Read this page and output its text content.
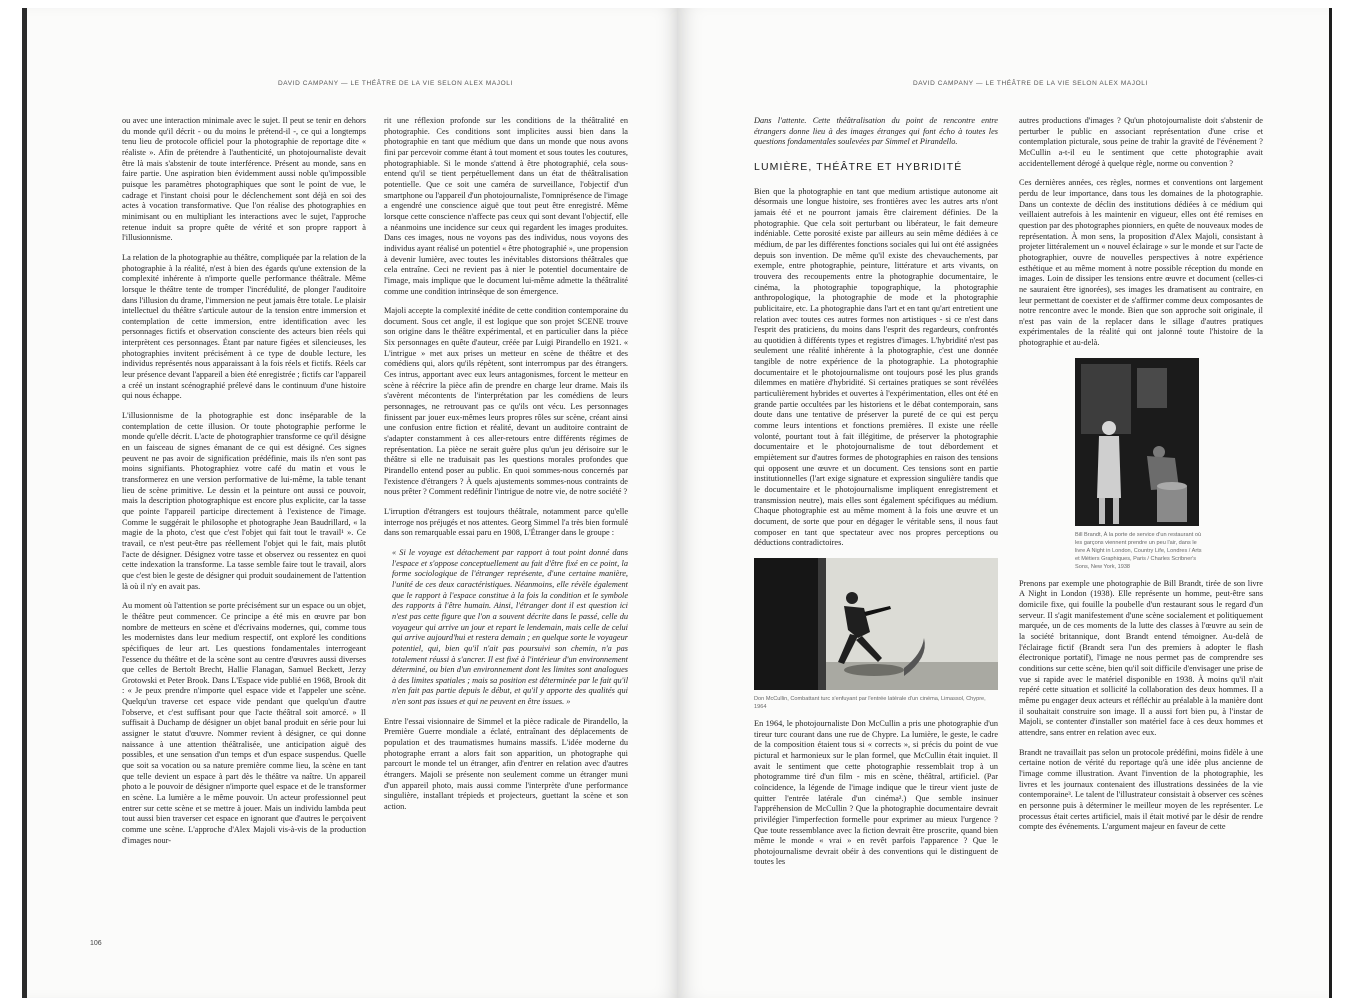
DAVID CAMPANY — LE THÉÂTRE DE LA VIE SELON ALEX MAJOLI

ou avec une interaction minimale avec le sujet. Il peut se tenir en dehors du monde qu'il décrit - ou du moins le prétend-il -, ce qui a longtemps tenu lieu de protocole officiel pour la photographie de reportage dite « réaliste ». Afin de prétendre à l'authenticité, un photojournaliste devait être là mais s'abstenir de toute interférence. Présent au monde, sans en faire partie. Une aspiration bien évidemment aussi noble qu'impossible puisque les paramètres photographiques que sont le point de vue, le cadrage et l'instant choisi pour le déclenchement sont déjà en soi des actes à vocation transformative. Que l'on réalise des photographies en minimisant ou en multipliant les interactions avec le sujet, l'approche retenue induit sa propre quête de vérité et son propre rapport à l'illusionnisme.

La relation de la photographie au théâtre, compliquée par la relation de la photographie à la réalité, n'est à bien des égards qu'une extension de la complexité inhérente à n'importe quelle performance théâtrale. Même lorsque le théâtre tente de tromper l'incrédulité, de plonger l'auditoire dans l'illusion du drame, l'immersion ne peut jamais être totale. Le plaisir intellectuel du théâtre s'articule autour de la tension entre immersion et contemplation de cette immersion, entre identification avec les personnages fictifs et observation consciente des acteurs bien réels qui interprètent ces personnages. Étant par nature figées et silencieuses, les photographies invitent précisément à ce type de double lecture, les individus représentés nous apparaissant à la fois réels et fictifs. Réels car leur présence devant l'appareil a bien été enregistrée ; fictifs car l'appareil a créé un instant scénographié prélevé dans le continuum d'une histoire qui nous échappe.

L'illusionnisme de la photographie est donc inséparable de la contemplation de cette illusion. Or toute photographie performe le monde qu'elle décrit. L'acte de photographier transforme ce qu'il désigne en un faisceau de signes émanant de ce qui est désigné. Ces signes peuvent ne pas avoir de signification prédéfinie, mais ils n'en sont pas moins signifiants. Photographiez votre café du matin et vous le transformerez en une version performative de lui-même, la table tenant lieu de scène primitive. Le dessin et la peinture ont aussi ce pouvoir, mais la description photographique est encore plus explicite, car la tasse que pointe l'appareil participe directement à l'existence de l'image. Comme le suggérait le philosophe et photographe Jean Baudrillard, « la magie de la photo, c'est que c'est l'objet qui fait tout le travail¹ ». Ce travail, ce n'est peut-être pas réellement l'objet qui le fait, mais plutôt l'acte de désigner. Désignez votre tasse et observez ou ressentez en quoi cette indexation la transforme. La tasse semble faire tout le travail, alors que c'est bien le geste de désigner qui produit soudainement de l'attention là où il n'y en avait pas.

Au moment où l'attention se porte précisément sur un espace ou un objet, le théâtre peut commencer. Ce principe a été mis en œuvre par bon nombre de metteurs en scène et d'écrivains modernes, qui, comme tous les modernistes dans leur medium respectif, ont exploré les conditions spécifiques de leur art. Les questions fondamentales interrogeant l'essence du théâtre et de la scène sont au centre d'œuvres aussi diverses que celles de Bertolt Brecht, Hallie Flanagan, Samuel Beckett, Jerzy Grotowski et Peter Brook. Dans L'Espace vide publié en 1968, Brook dit : « Je peux prendre n'importe quel espace vide et l'appeler une scène. Quelqu'un traverse cet espace vide pendant que quelqu'un d'autre l'observe, et c'est suffisant pour que l'acte théâtral soit amorcé. » Il suffisait à Duchamp de désigner un objet banal produit en série pour lui assigner le statut d'œuvre. Nommer revient à désigner, ce qui donne naissance à une attention théâtralisée, une anticipation aiguë des possibles, et une sensation d'un temps et d'un espace suspendus. Quelle que soit sa vocation ou sa nature première comme lieu, la scène en tant que telle devient un espace à part dès le théâtre va naître. Un appareil photo a le pouvoir de désigner n'importe quel espace et de le transformer en scène. La lumière a le même pouvoir. Un acteur professionnel peut entrer sur cette scène et se mettre à jouer. Mais un individu lambda peut tout aussi bien traverser cet espace en ignorant que d'autres le perçoivent comme une scène. L'approche d'Alex Majoli vis-à-vis de la production d'images nour-

rit une réflexion profonde sur les conditions de la théâtralité en photographie. Ces conditions sont implicites aussi bien dans la photographie en tant que médium que dans un monde que nous avons fini par percevoir comme étant à tout moment et sous toutes les coutures, photographiable. Si le monde s'attend à être photographié, cela sous-entend qu'il se tient perpétuellement dans un état de théâtralisation potentielle. Que ce soit une caméra de surveillance, l'objectif d'un smartphone ou l'appareil d'un photojournaliste, l'omniprésence de l'image a engendré une conscience aiguë que tout peut être enregistré. Même lorsque cette conscience n'affecte pas ceux qui sont devant l'objectif, elle a néanmoins une incidence sur ceux qui regardent les images produites. Dans ces images, nous ne voyons pas des individus, nous voyons des individus ayant réalisé un potentiel « être photographié », une propension à devenir lumière, avec toutes les inévitables distorsions théâtrales que cela entraîne. Ceci ne revient pas à nier le potentiel documentaire de l'image, mais implique que le document lui-même admette la théâtralité comme une condition intrinsèque de son émergence.

Majoli accepte la complexité inédite de cette condition contemporaine du document. Sous cet angle, il est logique que son projet SCENE trouve son origine dans le théâtre expérimental, et en particulier dans la pièce Six personnages en quête d'auteur, créée par Luigi Pirandello en 1921. « L'intrigue » met aux prises un metteur en scène de théâtre et des comédiens qui, alors qu'ils répètent, sont interrompus par des étrangers. Ces intrus, apportant avec eux leurs antagonismes, forcent le metteur en scène à réécrire la pièce afin de prendre en charge leur drame. Mais ils s'avèrent mécontents de l'interprétation par les comédiens de leurs personnages, ne retrouvant pas ce qu'ils ont vécu. Les personnages finissent par jouer eux-mêmes leurs propres rôles sur scène, créant ainsi une confusion entre fiction et réalité, devant un auditoire contraint de s'adapter constamment à ces aller-retours entre différents régimes de représentation. La pièce ne serait guère plus qu'un jeu dérisoire sur le théâtre si elle ne traduisait pas les questions morales profondes que Pirandello entend poser au public. En quoi sommes-nous concernés par l'existence d'étrangers ? À quels ajustements sommes-nous contraints de nous prêter ? Comment redéfinir l'intrigue de notre vie, de notre société ?

L'irruption d'étrangers est toujours théâtrale, notamment parce qu'elle interroge nos préjugés et nos attentes. Georg Simmel l'a très bien formulé dans son remarquable essai paru en 1908, L'Étranger dans le groupe :

« Si le voyage est détachement par rapport à tout point donné dans l'espace et s'oppose conceptuellement au fait d'être fixé en ce point, la forme sociologique de l'étranger représente, d'une certaine manière, l'unité de ces deux caractéristiques. Néanmoins, elle révèle également que le rapport à l'espace constitue à la fois la condition et le symbole des rapports à l'être humain. Ainsi, l'étranger dont il est question ici n'est pas cette figure que l'on a souvent décrite dans le passé, celle du voyageur qui arrive un jour et repart le lendemain, mais celle de celui qui arrive aujourd'hui et restera demain ; en quelque sorte le voyageur potentiel, qui, bien qu'il n'ait pas poursuivi son chemin, n'a pas totalement réussi à s'ancrer. Il est fixé à l'intérieur d'un environnement déterminé, ou bien d'un environnement dont les limites sont analogues à des limites spatiales ; mais sa position est déterminée par le fait qu'il n'en fait pas partie depuis le début, et qu'il y apporte des qualités qui n'en sont pas issues et qui ne peuvent en être issues. »

Entre l'essai visionnaire de Simmel et la pièce radicale de Pirandello, la Première Guerre mondiale a éclaté, entraînant des déplacements de population et des traumatismes humains massifs. L'idée moderne du photographe errant a alors fait son apparition, un photographe qui parcourt le monde tel un étranger, afin d'entrer en relation avec d'autres étrangers. Majoli se présente non seulement comme un étranger muni d'un appareil photo, mais aussi comme l'interprète d'une performance singulière, installant trépieds et projecteurs, guettant la scène et son action.

106
DAVID CAMPANY — LE THÉÂTRE DE LA VIE SELON ALEX MAJOLI

Dans l'attente. Cette théâtralisation du point de rencontre entre étrangers donne lieu à des images étranges qui font écho à toutes les questions fondamentales soulevées par Simmel et Pirandello.

LUMIÈRE, THÉÂTRE ET HYBRIDITÉ

Bien que la photographie en tant que medium artistique autonome ait désormais une longue histoire, ses frontières avec les autres arts n'ont jamais été et ne pourront jamais être clairement définies. De la photographie. Que cela soit perturbant ou libérateur, le fait demeure indéniable. Cette porosité existe par ailleurs au sein même dédiées à ce médium, de par les différentes fonctions sociales qui lui ont été assignées depuis son invention. De même qu'il existe des chevauchements, par exemple, entre photographie, peinture, littérature et arts vivants, on trouvera des recoupements entre la photographie documentaire, le cinéma, la photographie topographique, la photographie anthropologique, la photographie de mode et la photographie publicitaire, etc. La photographie dans l'art et en tant qu'art entretient une relation avec toutes ces autres formes non artistiques - si ce n'est dans l'esprit des praticiens, du moins dans l'esprit des regardeurs, confrontés au quotidien à différents types et registres d'images. L'hybridité n'est pas seulement une réalité inhérente à la photographie, c'est une donnée tangible de notre expérience de la photographie. La photographie documentaire et le photojournalisme ont toujours posé les plus grands dilemmes en matière d'hybridité. Si certaines pratiques se sont révélées particulièrement hybrides et ouvertes à l'expérimentation, elles ont été en grande partie occultées par les historiens et le débat contemporain, sans doute dans une tentative de préserver la pureté de ce qui est perçu comme leurs intentions et fonctions premières. Il existe une réelle volonté, pourtant tout à fait illégitime, de préserver la photographie documentaire et le photojournalisme de tout débordement et empiètement sur d'autres formes de photographies en raison des tensions qui opposent une œuvre et un document. Ces tensions sont en partie institutionnelles (l'art exige signature et expression singulière tandis que le documentaire et le photojournalisme impliquent enregistrement et transmission neutre), mais elles sont également spécifiques au médium. Chaque photographie est au même moment à la fois une œuvre et un document, de sorte que pour en dégager le véritable sens, il nous faut composer en tant que spectateur avec nos propres perceptions ou déductions contradictoires.

Don McCullin, Combattant turc s'enfuyant par l'entrée latérale d'un cinéma, Limassol, Chypre, 1964

En 1964, le photojournaliste Don McCullin a pris une photographie d'un tireur turc courant dans une rue de Chypre. La lumière, le geste, le cadre de la composition étaient tous si « corrects », si précis du point de vue pictural et harmonieux sur le plan formel, que McCullin était inquiet. Il avait le sentiment que cette photographie ressemblait trop à un photogramme tiré d'un film - mis en scène, théâtral, artificiel. (Par coïncidence, la légende de l'image indique que le tireur vient juste de quitter l'entrée latérale d'un cinéma².) Que semble insinuer l'appréhension de McCullin ? Que la photographie documentaire devrait privilégier l'imperfection formelle pour exprimer au mieux l'urgence ? Que toute ressemblance avec la fiction devrait être proscrite, quand bien même le monde « vrai » en revêt parfois l'apparence ? Que le photojournalisme devrait obéir à des conventions qui le distinguent de toutes les

autres productions d'images ? Qu'un photojournaliste doit s'abstenir de perturber le public en associant représentation d'une crise et contemplation picturale, sous peine de trahir la gravité de l'événement ? McCullin a-t-il eu le sentiment que cette photographie avait accidentellement dérogé à quelque règle, norme ou convention ?

Ces dernières années, ces règles, normes et conventions ont largement perdu de leur importance, dans tous les domaines de la photographie. Dans un contexte de déclin des institutions dédiées à ce médium qui veillaient autrefois à les maintenir en vigueur, elles ont été remises en question par des photographes pionniers, en quête de nouveaux modes de représentation. À mon sens, la proposition d'Alex Majoli, consistant à projeter littéralement un « nouvel éclairage » sur le monde et sur l'acte de photographier, ouvre de nouvelles perspectives à notre expérience esthétique et au même moment à notre possible réception du monde en images. Loin de dissiper les tensions entre œuvre et document (celles-ci ne sauraient être ignorées), ses images les dramatisent au contraire, en leur permettant de coexister et de s'affirmer comme deux composantes de notre rencontre avec le monde. Bien que son approche soit originale, il n'est pas vain de la replacer dans le sillage d'autres pratiques expérimentales de la réalité qui ont jalonné toute l'histoire de la photographie et au-delà.

Bill Brandt, À la porte de service d'un restaurant où les garçons viennent prendre un peu l'air, dans le livre A Night in London, Country Life, Londres / Arts et Métiers Graphiques, Paris / Charles Scribner's Sons, New York, 1938

Prenons par exemple une photographie de Bill Brandt, tirée de son livre A Night in London (1938). Elle représente un homme, peut-être sans domicile fixe, qui fouille la poubelle d'un restaurant sous le regard d'un serveur. Il s'agit manifestement d'une scène socialement et politiquement marquée, un de ces moments de la lutte des classes à l'œuvre au sein de la société britannique, dont Brandt entend témoigner. Au-delà de l'éclairage fictif (Brandt sera l'un des premiers à adopter le flash électronique portatif), l'image ne nous permet pas de comprendre ses conditions sur cette scène, bien qu'il soit difficile d'envisager une prise de vue si rapide avec le matériel disponible en 1938. À moins qu'il n'ait repéré cette situation et sollicité la collaboration des deux hommes. Il a même pu engager deux acteurs et réfléchir au préalable à la manière dont il souhaitait construire son image. Il a aussi fort bien pu, à l'instar de Majoli, se contenter d'installer son matériel face à ces deux hommes et attendre, sans entrer en relation avec eux.

Brandt ne travaillait pas selon un protocole prédéfini, moins fidèle à une certaine notion de vérité du reportage qu'à une idée plus ancienne de l'image comme illustration. Avant l'invention de la photographie, les livres et les journaux contenaient des illustrations dessinées de la vie contemporaine³. Le talent de l'illustrateur consistait à observer ces scènes en personne puis à déterminer le meilleur moyen de les représenter. Le processus était certes artificiel, mais il était motivé par le désir de rendre compte des événements. L'argument majeur en faveur de cette
